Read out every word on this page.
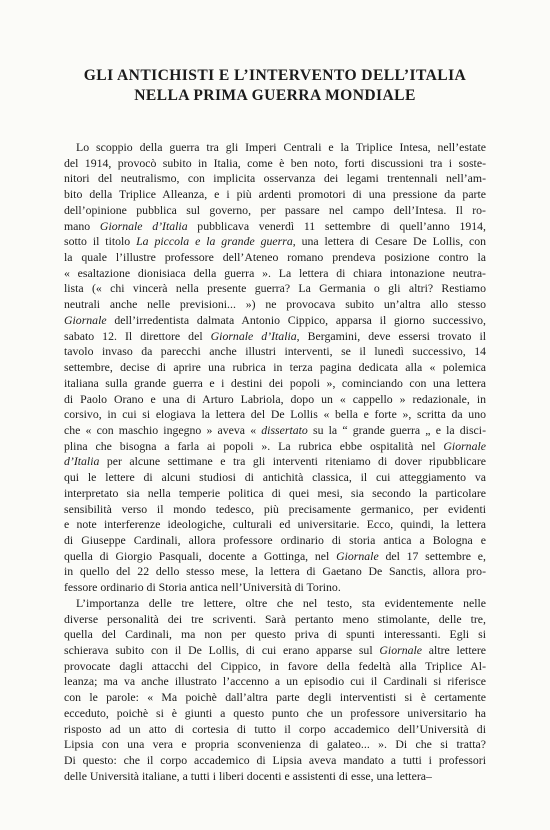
GLI ANTICHISTI E L’INTERVENTO DELL’ITALIA
NELLA PRIMA GUERRA MONDIALE
Lo scoppio della guerra tra gli Imperi Centrali e la Triplice Intesa, nell’estate
del 1914, provocò subito in Italia, come è ben noto, forti discussioni tra i soste-
nitori del neutralismo, con implicita osservanza dei legami trentennali nell’am-
bito della Triplice Alleanza, e i più ardenti promotori di una pressione da parte
dell’opinione pubblica sul governo, per passare nel campo dell’Intesa. Il ro-
mano Giornale d’Italia pubblicava venerdì 11 settembre di quell’anno 1914,
sotto il titolo La piccola e la grande guerra, una lettera di Cesare De Lollis, con
la quale l’illustre professore dell’Ateneo romano prendeva posizione contro la
« esaltazione dionisiaca della guerra ». La lettera di chiara intonazione neutra-
lista (« chi vincerà nella presente guerra? La Germania o gli altri? Restiamo
neutrali anche nelle previsioni... ») ne provocava subito un’altra allo stesso
Giornale dell’irredentista dalmata Antonio Cippico, apparsa il giorno successivo,
sabato 12. Il direttore del Giornale d’Italia, Bergamini, deve essersi trovato il
tavolo invaso da parecchi anche illustri interventi, se il lunedì successivo, 14
settembre, decise di aprire una rubrica in terza pagina dedicata alla « polemica
italiana sulla grande guerra e i destini dei popoli », cominciando con una lettera
di Paolo Orano e una di Arturo Labriola, dopo un « cappello » redazionale, in
corsivo, in cui si elogiava la lettera del De Lollis « bella e forte », scritta da uno
che « con maschio ingegno » aveva « dissertato su la “ grande guerra „ e la disci-
plina che bisogna a farla ai popoli ». La rubrica ebbe ospitalità nel Giornale
d’Italia per alcune settimane e tra gli interventi riteniamo di dover ripubblicare
qui le lettere di alcuni studiosi di antichità classica, il cui atteggiamento va
interpretato sia nella temperie politica di quei mesi, sia secondo la particolare
sensibilità verso il mondo tedesco, più precisamente germanico, per evidenti
e note interferenze ideologiche, culturali ed universitarie. Ecco, quindi, la lettera
di Giuseppe Cardinali, allora professore ordinario di storia antica a Bologna e
quella di Giorgio Pasquali, docente a Gottinga, nel Giornale del 17 settembre e,
in quello del 22 dello stesso mese, la lettera di Gaetano De Sanctis, allora pro-
fessore ordinario di Storia antica nell’Università di Torino.
L’importanza delle tre lettere, oltre che nel testo, sta evidentemente nelle
diverse personalità dei tre scriventi. Sarà pertanto meno stimolante, delle tre,
quella del Cardinali, ma non per questo priva di spunti interessanti. Egli si
schierava subito con il De Lollis, di cui erano apparse sul Giornale altre lettere
provocate dagli attacchi del Cippico, in favore della fedeltà alla Triplice Al-
leanza; ma va anche illustrato l’accenno a un episodio cui il Cardinali si riferisce
con le parole: « Ma poichè dall’altra parte degli interventisti si è certamente
ecceduto, poichè si è giunti a questo punto che un professore universitario ha
risposto ad un atto di cortesia di tutto il corpo accademico dell’Università di
Lipsia con una vera e propria sconvenienza di galateo... ». Di che si tratta?
Di questo: che il corpo accademico di Lipsia aveva mandato a tutti i professori
delle Università italiane, a tutti i liberi docenti e assistenti di esse, una lettera–
